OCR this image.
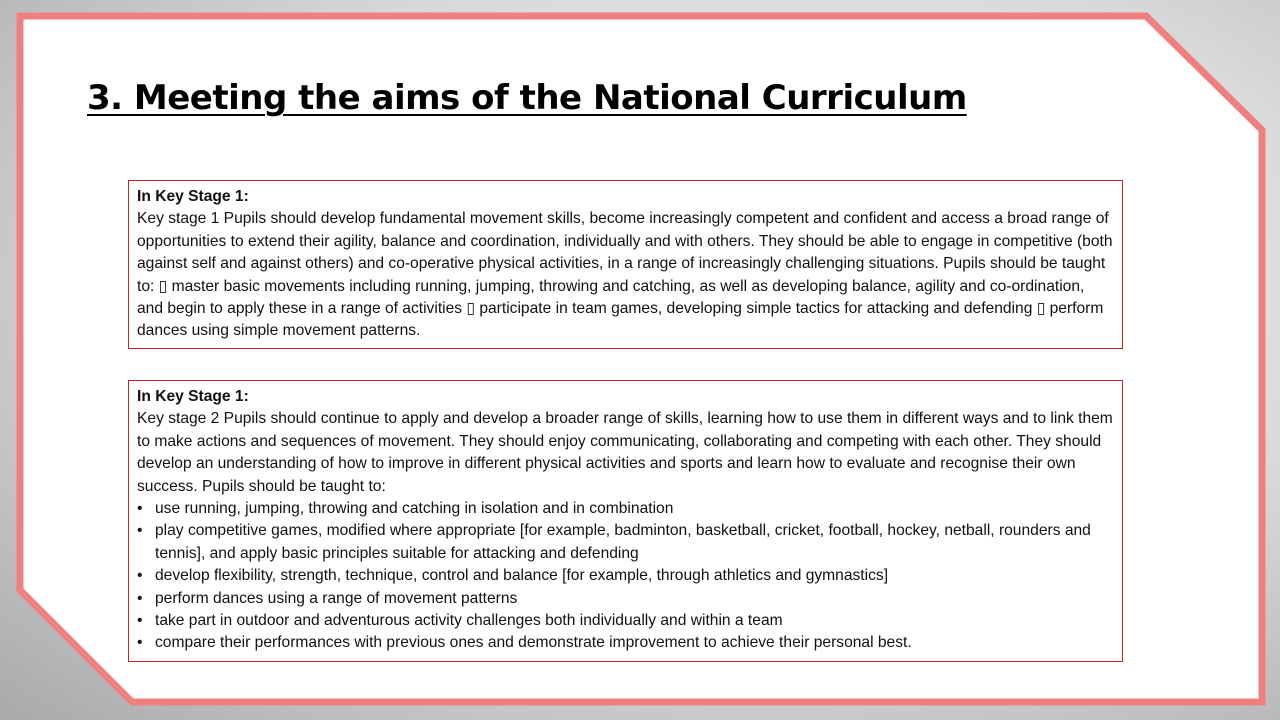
3. Meeting the aims of the National Curriculum
In Key Stage 1:

Key stage 1 Pupils should develop fundamental movement skills, become increasingly competent and confident and access a broad range of opportunities to extend their agility, balance and coordination, individually and with others. They should be able to engage in competitive (both against self and against others) and co-operative physical activities, in a range of increasingly challenging situations. Pupils should be taught to: ▯ master basic movements including running, jumping, throwing and catching, as well as developing balance, agility and co-ordination, and begin to apply these in a range of activities ▯ participate in team games, developing simple tactics for attacking and defending ▯ perform dances using simple movement patterns.

In Key Stage 1:

Key stage 2 Pupils should continue to apply and develop a broader range of skills, learning how to use them in different ways and to link them to make actions and sequences of movement. They should enjoy communicating, collaborating and competing with each other. They should develop an understanding of how to improve in different physical activities and sports and learn how to evaluate and recognise their own success. Pupils should be taught to:

• use running, jumping, throwing and catching in isolation and in combination
• play competitive games, modified where appropriate [for example, badminton, basketball, cricket, football, hockey, netball, rounders and tennis], and apply basic principles suitable for attacking and defending
• develop flexibility, strength, technique, control and balance [for example, through athletics and gymnastics]
• perform dances using a range of movement patterns
• take part in outdoor and adventurous activity challenges both individually and within a team
• compare their performances with previous ones and demonstrate improvement to achieve their personal best.
